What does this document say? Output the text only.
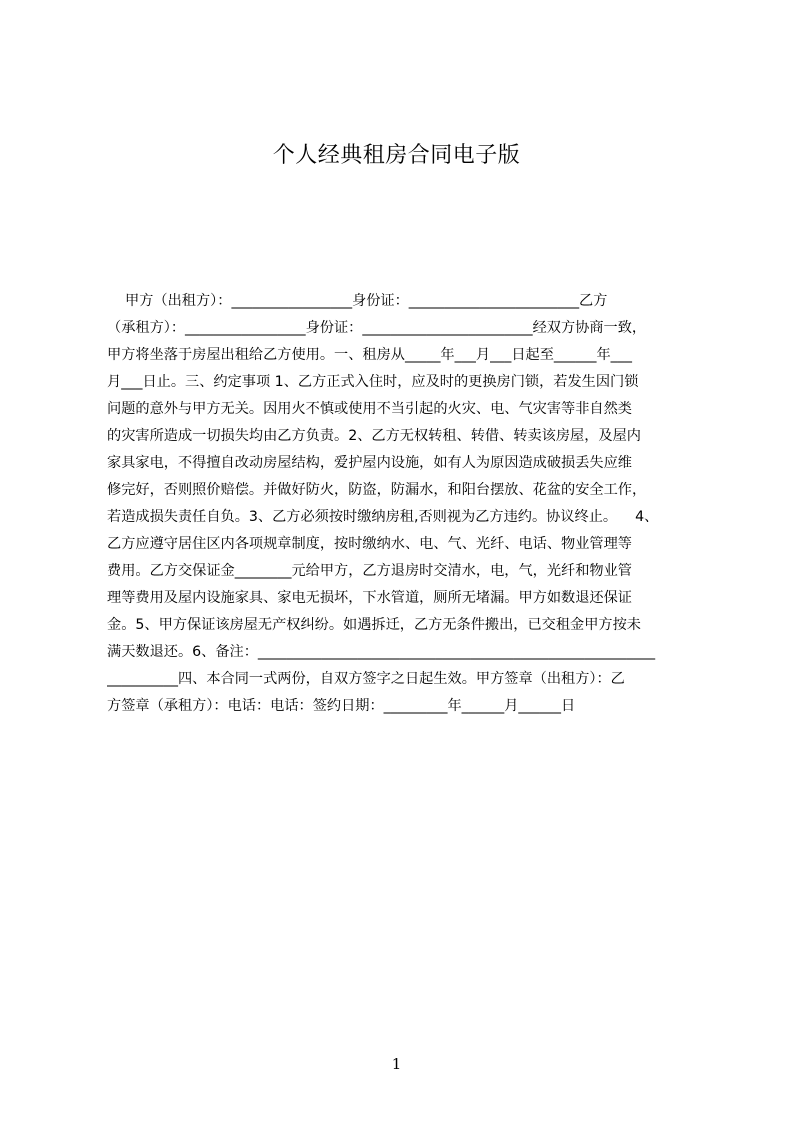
个人经典租房合同电子版
甲方（出租方）：_________________身份证：________________________乙方
（承租方）：_________________身份证：________________________经双方协商一致，
甲方将坐落于房屋出租给乙方使用。一、租房从_____年___月___日起至______年___
月___日止。三、约定事项 1、乙方正式入住时，应及时的更换房门锁，若发生因门锁
问题的意外与甲方无关。因用火不慎或使用不当引起的火灾、电、气灾害等非自然类
的灾害所造成一切损失均由乙方负责。2、乙方无权转租、转借、转卖该房屋，及屋内
家具家电，不得擅自改动房屋结构，爱护屋内设施，如有人为原因造成破损丢失应维
修完好，否则照价赔偿。并做好防火，防盗，防漏水，和阳台摆放、花盆的安全工作，
若造成损失责任自负。3、乙方必须按时缴纳房租,否则视为乙方违约。协议终止。    4、
乙方应遵守居住区内各项规章制度，按时缴纳水、电、气、光纤、电话、物业管理等
费用。乙方交保证金________元给甲方，乙方退房时交清水，电，气，光纤和物业管
理等费用及屋内设施家具、家电无损坏，下水管道，厕所无堵漏。甲方如数退还保证
金。5、甲方保证该房屋无产权纠纷。如遇拆迁，乙方无条件搬出，已交租金甲方按未
满天数退还。6、备注：________________________________________________________
__________四、本合同一式两份，自双方签字之日起生效。甲方签章（出租方）：乙
方签章（承租方）：电话：电话：签约日期：_________年______月______日
1
